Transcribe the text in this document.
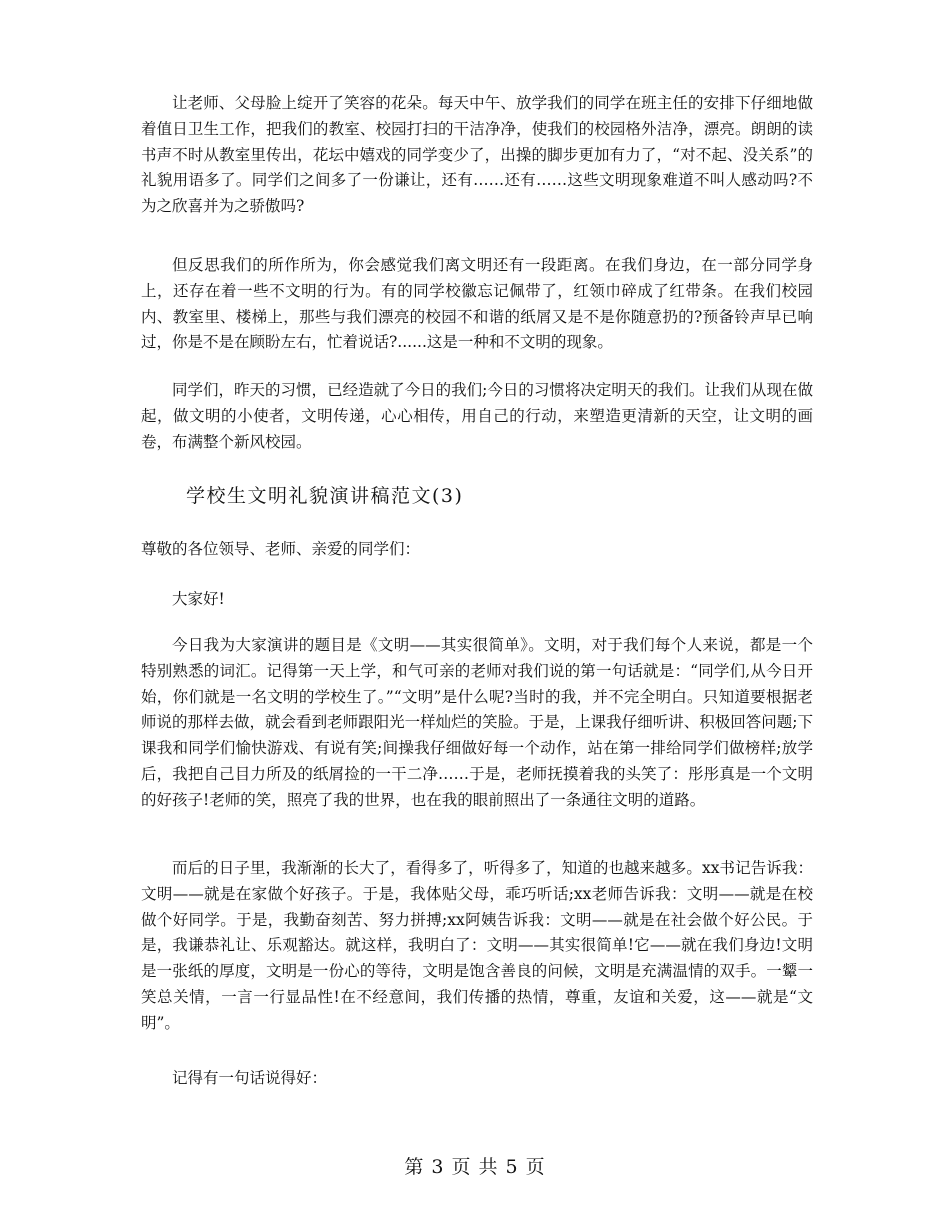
让老师、父母脸上绽开了笑容的花朵。每天中午、放学我们的同学在班主任的安排下仔细地做着值日卫生工作，把我们的教室、校园打扫的干洁净净，使我们的校园格外洁净，漂亮。朗朗的读书声不时从教室里传出，花坛中嬉戏的同学变少了，出操的脚步更加有力了，“对不起、没关系”的礼貌用语多了。同学们之间多了一份谦让，还有……还有……这些文明现象难道不叫人感动吗?不为之欣喜并为之骄傲吗?

但反思我们的所作所为，你会感觉我们离文明还有一段距离。在我们身边，在一部分同学身上，还存在着一些不文明的行为。有的同学校徽忘记佩带了，红领巾碎成了红带条。在我们校园内、教室里、楼梯上，那些与我们漂亮的校园不和谐的纸屑又是不是你随意扔的?预备铃声早已响过，你是不是在顾盼左右，忙着说话?......这是一种和不文明的现象。

同学们，昨天的习惯，已经造就了今日的我们;今日的习惯将决定明天的我们。让我们从现在做起，做文明的小使者，文明传递，心心相传，用自己的行动，来塑造更清新的天空，让文明的画卷，布满整个新风校园。

学校生文明礼貌演讲稿范文(3)

尊敬的各位领导、老师、亲爱的同学们：

大家好!

今日我为大家演讲的题目是《文明——其实很简单》。文明，对于我们每个人来说，都是一个特别熟悉的词汇。记得第一天上学，和气可亲的老师对我们说的第一句话就是：“同学们,从今日开始，你们就是一名文明的学校生了。”“文明”是什么呢?当时的我，并不完全明白。只知道要根据老师说的那样去做，就会看到老师跟阳光一样灿烂的笑脸。于是，上课我仔细听讲、积极回答问题;下课我和同学们愉快游戏、有说有笑;间操我仔细做好每一个动作，站在第一排给同学们做榜样;放学后，我把自己目力所及的纸屑捡的一干二净……于是，老师抚摸着我的头笑了：彤彤真是一个文明的好孩子!老师的笑，照亮了我的世界，也在我的眼前照出了一条通往文明的道路。

而后的日子里，我渐渐的长大了，看得多了，听得多了，知道的也越来越多。xx书记告诉我：文明——就是在家做个好孩子。于是，我体贴父母，乖巧听话;xx老师告诉我：文明——就是在校做个好同学。于是，我勤奋刻苦、努力拼搏;xx阿姨告诉我：文明——就是在社会做个好公民。于是，我谦恭礼让、乐观豁达。就这样，我明白了：文明——其实很简单!它——就在我们身边!文明是一张纸的厚度，文明是一份心的等待，文明是饱含善良的问候，文明是充满温情的双手。一颦一笑总关情，一言一行显品性!在不经意间，我们传播的热情，尊重，友谊和关爱，这——就是“文明”。

记得有一句话说得好：

第 3 页 共 5 页
